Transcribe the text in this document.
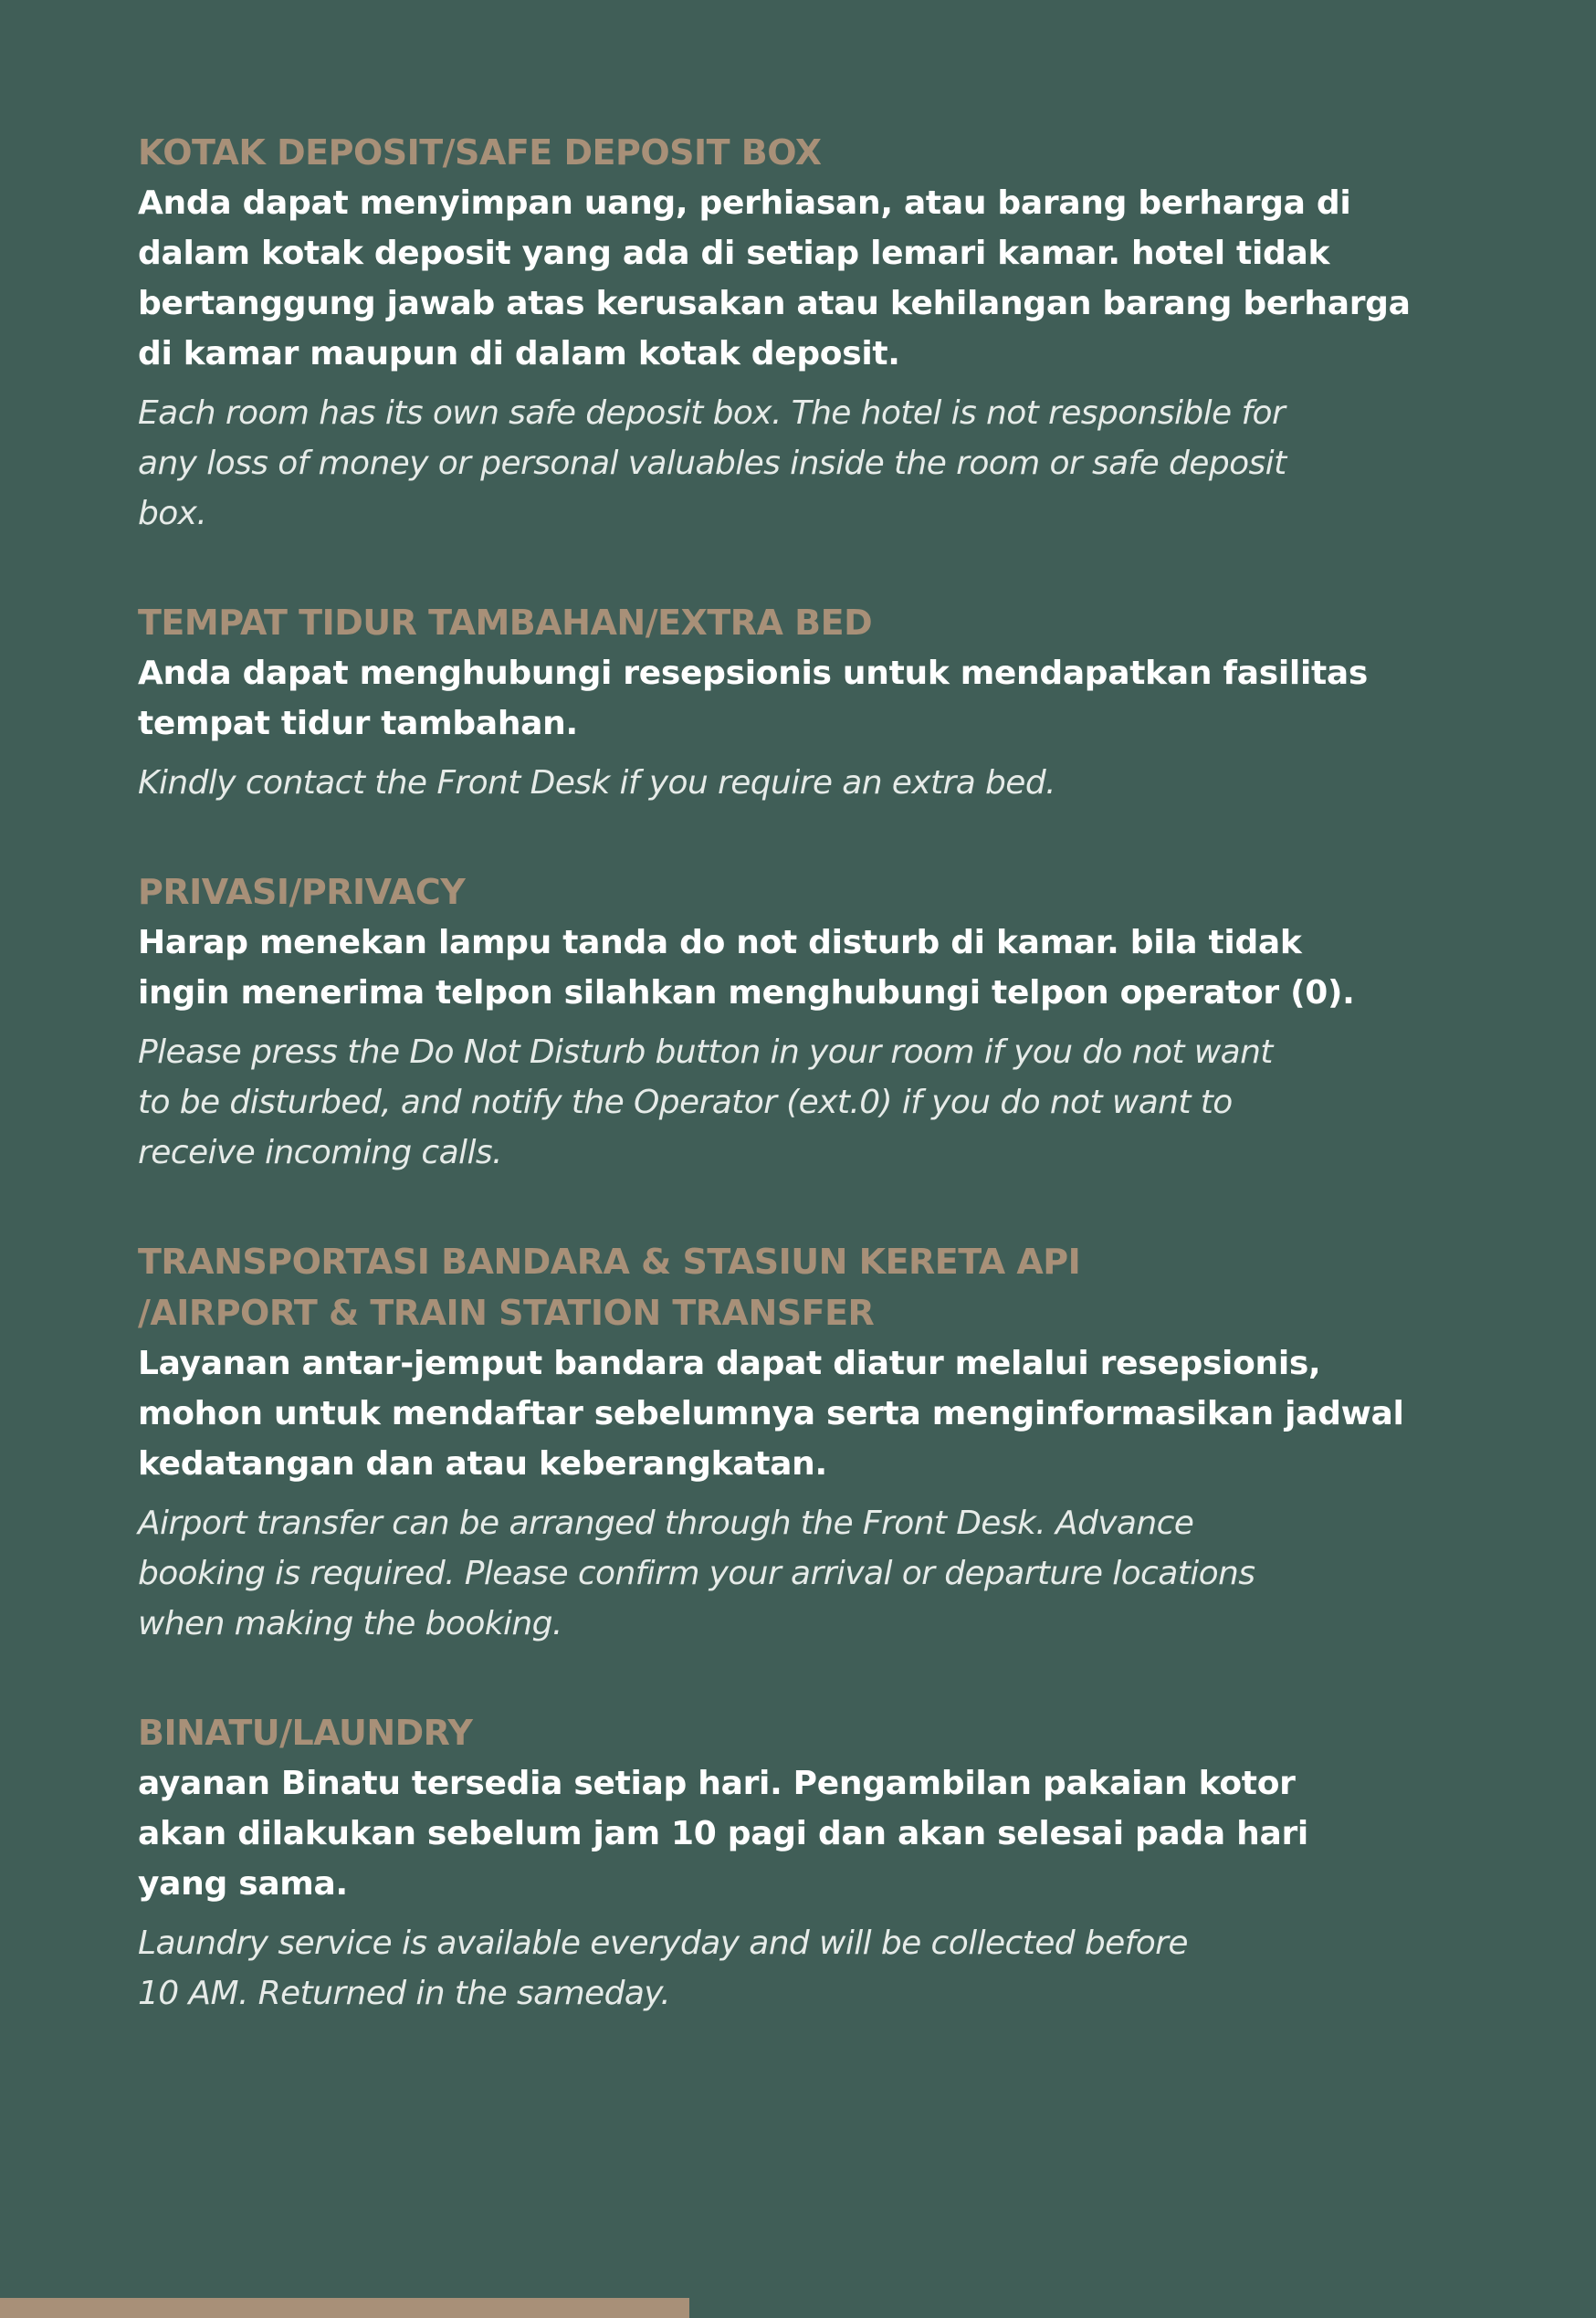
KOTAK DEPOSIT/SAFE DEPOSIT BOX

Anda dapat menyimpan uang, perhiasan, atau barang berharga di
dalam kotak deposit yang ada di setiap lemari kamar. hotel tidak
bertanggung jawab atas kerusakan atau kehilangan barang berharga
di kamar maupun di dalam kotak deposit.

Each room has its own safe deposit box. The hotel is not responsible for
any loss of money or personal valuables inside the room or safe deposit
box.

TEMPAT TIDUR TAMBAHAN/EXTRA BED

Anda dapat menghubungi resepsionis untuk mendapatkan fasilitas
tempat tidur tambahan.

Kindly contact the Front Desk if you require an extra bed.

PRIVASI/PRIVACY

Harap menekan lampu tanda do not disturb di kamar. bila tidak
ingin menerima telpon silahkan menghubungi telpon operator (0).

Please press the Do Not Disturb button in your room if you do not want
to be disturbed, and notify the Operator (ext.0) if you do not want to
receive incoming calls.

TRANSPORTASI BANDARA & STASIUN KERETA API
/AIRPORT & TRAIN STATION TRANSFER

Layanan antar-jemput bandara dapat diatur melalui resepsionis,
mohon untuk mendaftar sebelumnya serta menginformasikan jadwal
kedatangan dan atau keberangkatan.

Airport transfer can be arranged through the Front Desk. Advance
booking is required. Please confirm your arrival or departure locations
when making the booking.

BINATU/LAUNDRY

ayanan Binatu tersedia setiap hari. Pengambilan pakaian kotor
akan dilakukan sebelum jam 10 pagi dan akan selesai pada hari
yang sama.

Laundry service is available everyday and will be collected before
10 AM. Returned in the sameday.
